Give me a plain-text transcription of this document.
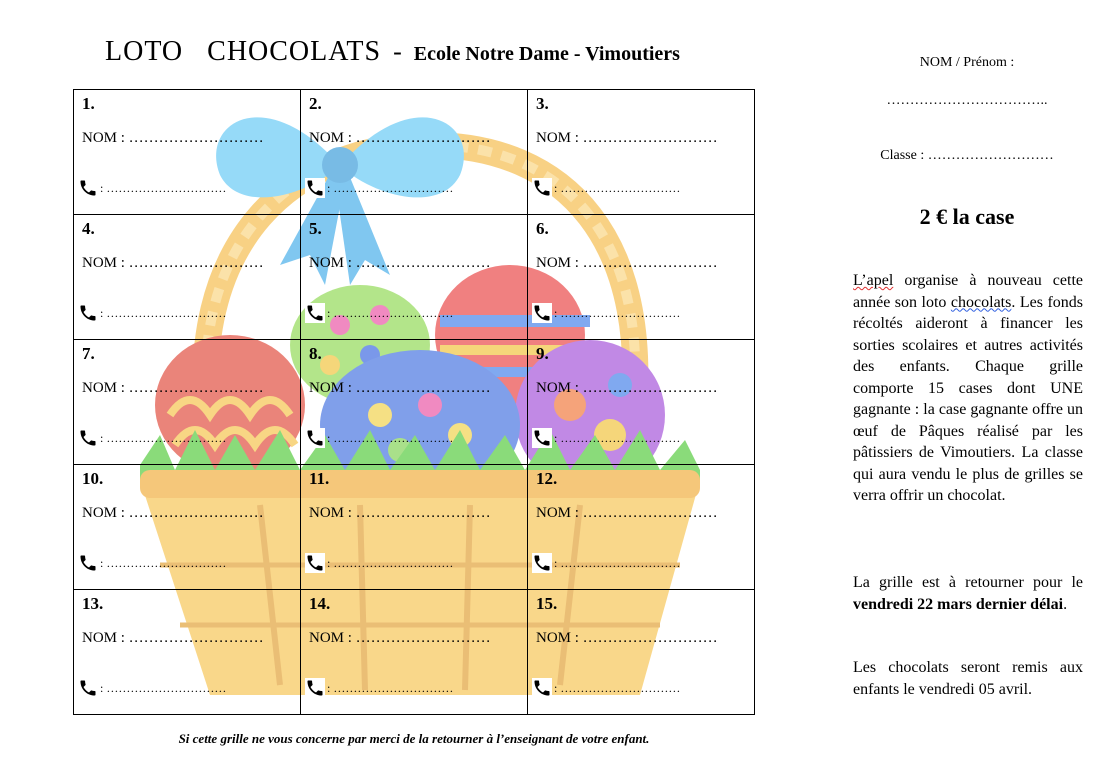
LOTO   CHOCOLATS - Ecole Notre Dame - Vimoutiers
1.
NOM : ………………………
: …………………………	2.
NOM : ………………………
: …………………………	3.
NOM : ………………………
: …………………………

4.
NOM : ………………………
: …………………………	5.
NOM : ………………………
: …………………………	6.
NOM : ………………………
: …………………………

7.
NOM : ………………………
: …………………………	8.
NOM : ………………………
: …………………………	9.
NOM : ………………………
: …………………………

10.
NOM : ………………………
: …………………………	11.
NOM : ………………………
: …………………………	12.
NOM : ………………………
: …………………………

13.
NOM : ………………………
: …………………………	14.
NOM : ………………………
: …………………………	15.
NOM : ………………………
: …………………………
Si cette grille ne vous concerne par merci de la retourner à l’enseignant de votre enfant.
NOM / Prénom :
……………………………..
Classe : ………………………
2 € la case
L’apel organise à nouveau cette année son loto chocolats. Les fonds récoltés aideront à financer les sorties scolaires et autres activités des enfants. Chaque grille comporte 15 cases dont UNE gagnante : la case gagnante offre un œuf de Pâques réalisé par les pâtissiers de Vimoutiers. La classe qui aura vendu le plus de grilles se verra offrir un chocolat.
La grille est à retourner pour le vendredi 22 mars dernier délai.
Les chocolats seront remis aux enfants le vendredi 05 avril.
